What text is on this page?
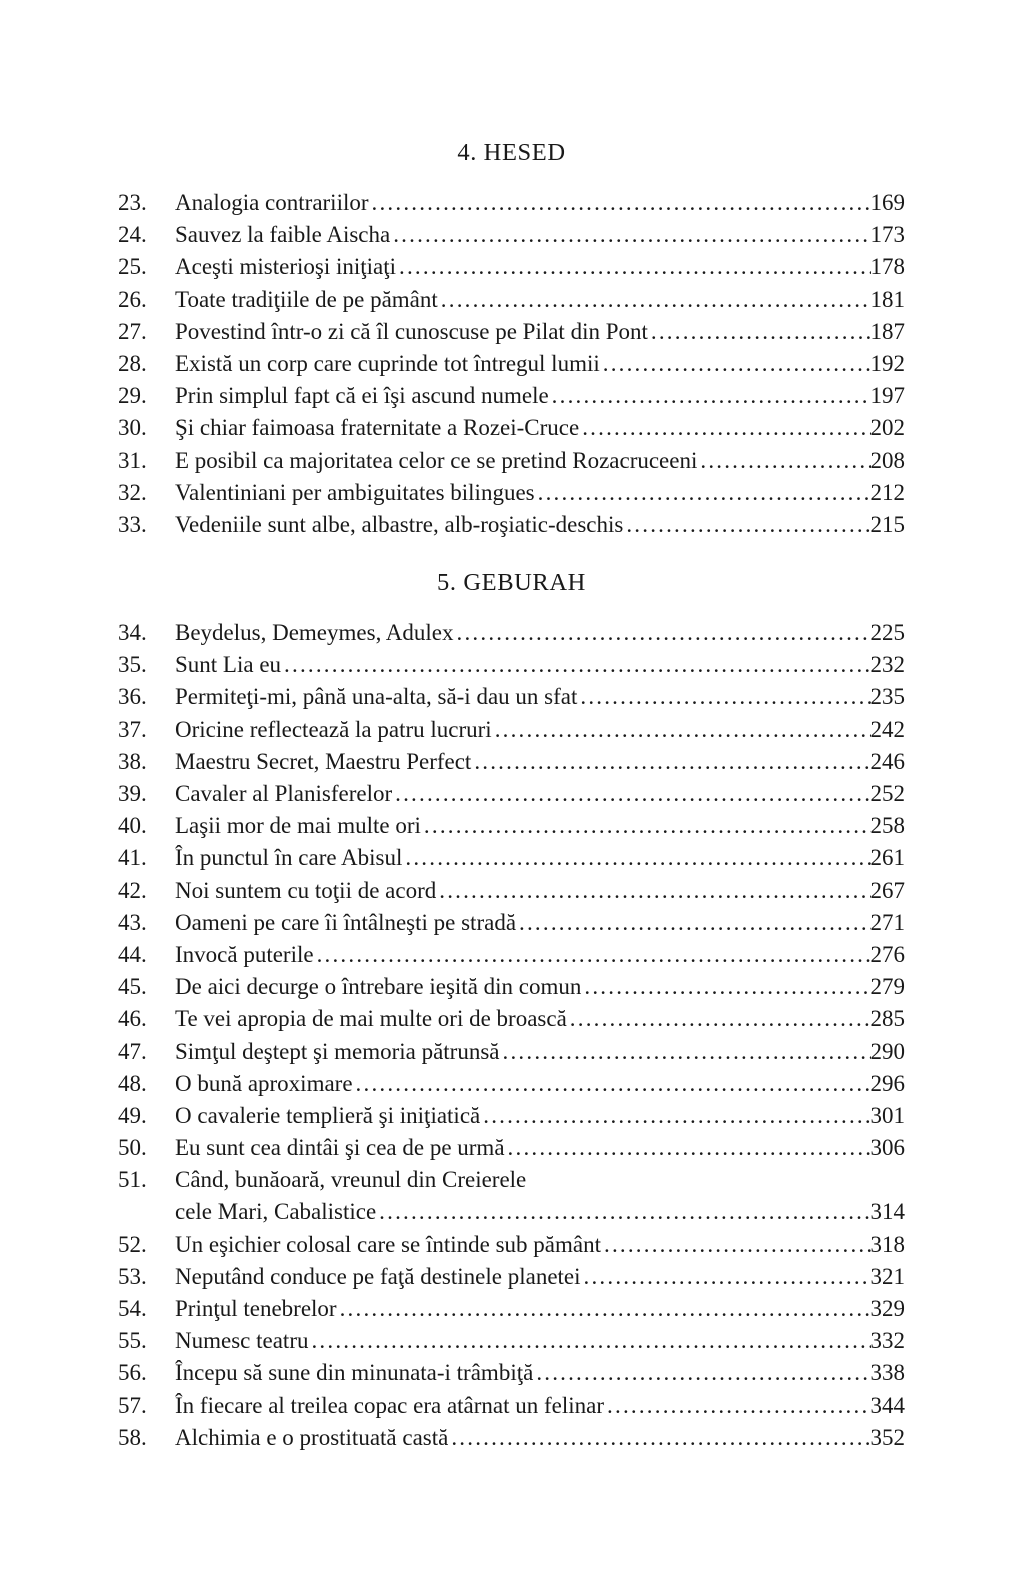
4. HESED
23.	Analogia contrariilor .....	169
24.	Sauvez la faible Aischa .....	173
25.	Aceşti misterioşi iniţiaţi .....	178
26.	Toate tradiţiile de pe pământ .....	181
27.	Povestind într-o zi că îl cunoscuse pe Pilat din Pont .....	187
28.	Există un corp care cuprinde tot întregul lumii .....	192
29.	Prin simplul fapt că ei îşi ascund numele .....	197
30.	Şi chiar faimoasa fraternitate a Rozei-Cruce .....	202
31.	E posibil ca majoritatea celor ce se pretind Rozacruceeni .....	208
32.	Valentiniani per ambiguitates bilingues .....	212
33.	Vedeniile sunt albe, albastre, alb-roşiatic-deschis .....	215
5. GEBURAH
34.	Beydelus, Demeymes, Adulex .....	225
35.	Sunt Lia eu .....	232
36.	Permiteţi-mi, până una-alta, să-i dau un sfat .....	235
37.	Oricine reflectează la patru lucruri .....	242
38.	Maestru Secret, Maestru Perfect .....	246
39.	Cavaler al Planisferelor .....	252
40.	Laşii mor de mai multe ori .....	258
41.	În punctul în care Abisul .....	261
42.	Noi suntem cu toţii de acord .....	267
43.	Oameni pe care îi întâlneşti pe stradă .....	271
44.	Invocă puterile .....	276
45.	De aici decurge o întrebare ieşită din comun .....	279
46.	Te vei apropia de mai multe ori de broască .....	285
47.	Simţul deştept şi memoria pătrunsă .....	290
48.	O bună aproximare .....	296
49.	O cavalerie templieră şi iniţiatică .....	301
50.	Eu sunt cea dintâi şi cea de pe urmă .....	306
51.	Când, bunăoară, vreunul din Creierele
cele Mari, Cabalistice .....	314
52.	Un eşichier colosal care se întinde sub pământ .....	318
53.	Neputând conduce pe faţă destinele planetei .....	321
54.	Prinţul tenebrelor .....	329
55.	Numesc teatru .....	332
56.	Începu să sune din minunata-i trâmbiţă .....	338
57.	În fiecare al treilea copac era atârnat un felinar .....	344
58.	Alchimia e o prostituată castă .....	352
